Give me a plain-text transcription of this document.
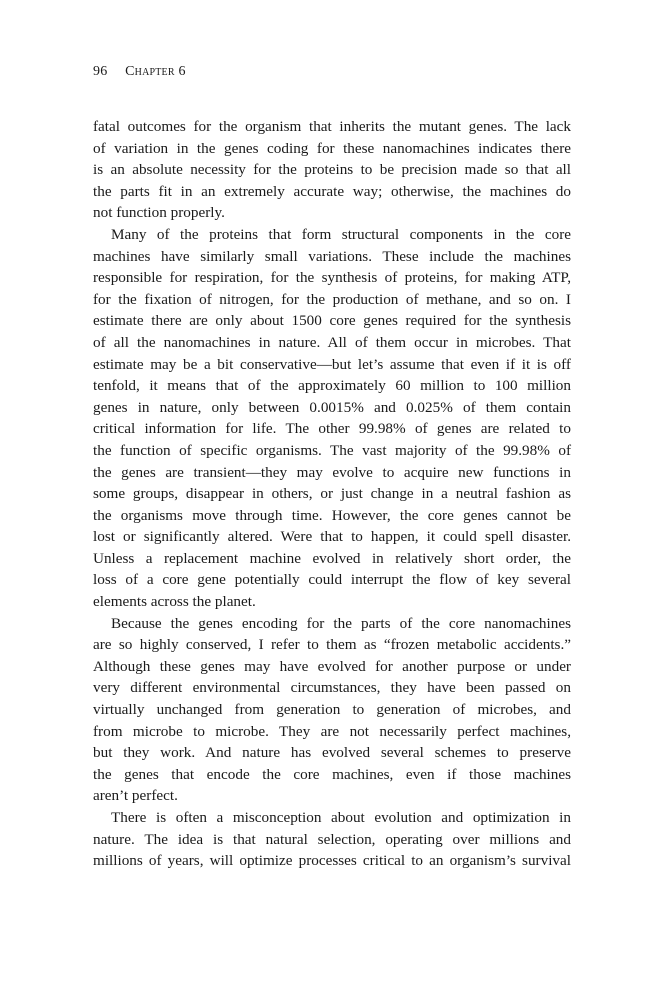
96 Chapter 6
fatal outcomes for the organism that inherits the mutant genes. The lack
of variation in the genes coding for these nanomachines indicates there
is an absolute necessity for the proteins to be precision made so that all
the parts fit in an extremely accurate way; otherwise, the machines do
not function properly.
Many of the proteins that form structural components in the core
machines have similarly small variations. These include the machines
responsible for respiration, for the synthesis of proteins, for making ATP,
for the fixation of nitrogen, for the production of methane, and so on. I
estimate there are only about 1500 core genes required for the synthesis
of all the nanomachines in nature. All of them occur in microbes. That
estimate may be a bit conservative—but let’s assume that even if it is off
tenfold, it means that of the approximately 60 million to 100 million
genes in nature, only between 0.0015% and 0.025% of them contain
critical information for life. The other 99.98% of genes are related to
the function of specific organisms. The vast majority of the 99.98% of
the genes are transient—they may evolve to acquire new functions in
some groups, disappear in others, or just change in a neutral fashion as
the organisms move through time. However, the core genes cannot be
lost or significantly altered. Were that to happen, it could spell disaster.
Unless a replacement machine evolved in relatively short order, the
loss of a core gene potentially could interrupt the flow of key several
elements across the planet.
Because the genes encoding for the parts of the core nanomachines
are so highly conserved, I refer to them as “frozen metabolic accidents.”
Although these genes may have evolved for another purpose or under
very different environmental circumstances, they have been passed on
virtually unchanged from generation to generation of microbes, and
from microbe to microbe. They are not necessarily perfect machines,
but they work. And nature has evolved several schemes to preserve
the genes that encode the core machines, even if those machines
aren’t perfect.
There is often a misconception about evolution and optimization in
nature. The idea is that natural selection, operating over millions and
millions of years, will optimize processes critical to an organism’s survival
